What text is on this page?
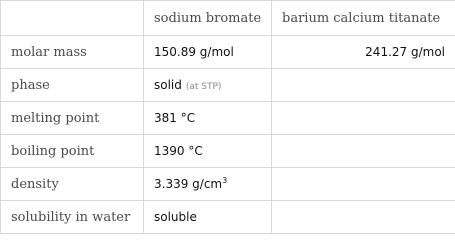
	sodium bromate	barium calcium titanate
molar mass	150.89 g/mol	241.27 g/mol
phase	solid (at STP)	
melting point	381 °C	
boiling point	1390 °C	
density	3.339 $g/cm^3$	
solubility in water	soluble	
